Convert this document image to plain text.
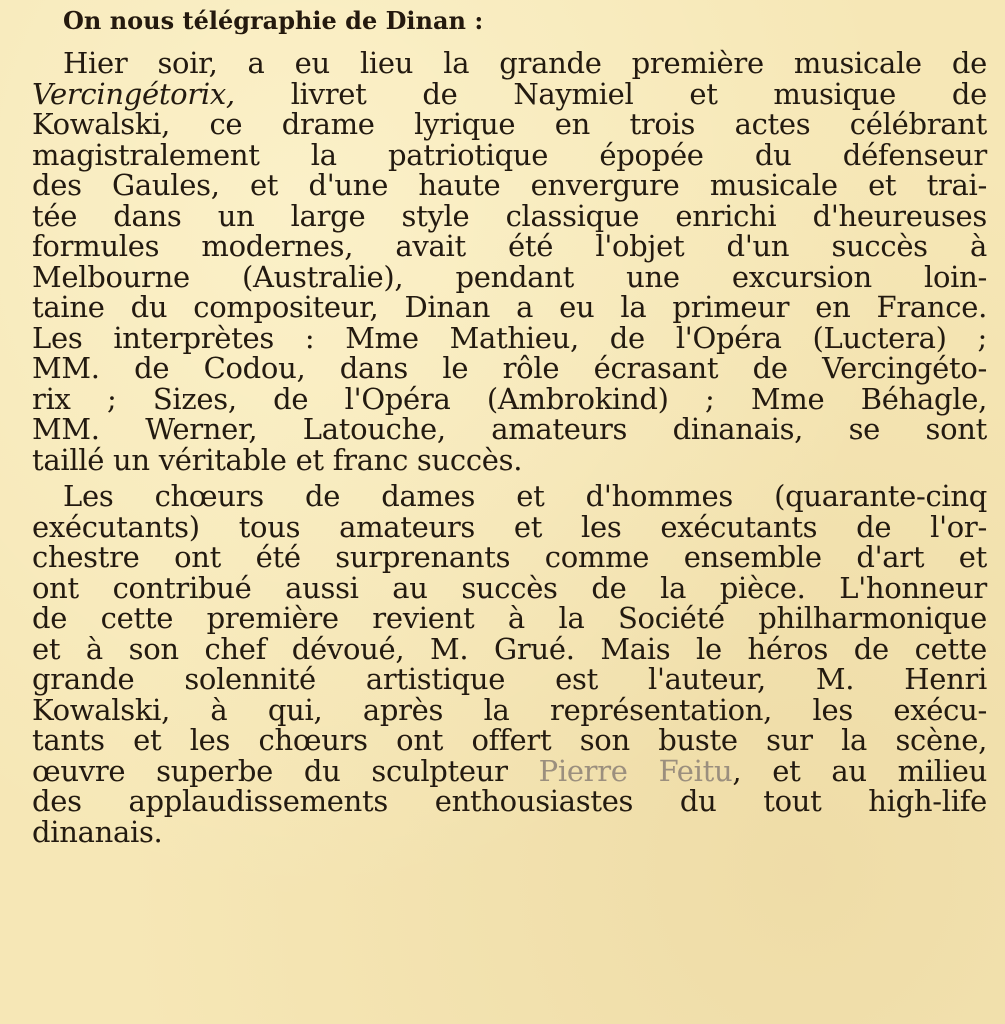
On nous télégraphie de Dinan :
Hier soir, a eu lieu la grande première musicale de
Vercingétorix, livret de Naymiel et musique de
Kowalski, ce drame lyrique en trois actes célébrant
magistralement la patriotique épopée du défenseur
des Gaules, et d'une haute envergure musicale et trai-
tée dans un large style classique enrichi d'heureuses
formules modernes, avait été l'objet d'un succès à
Melbourne (Australie), pendant une excursion loin-
taine du compositeur, Dinan a eu la primeur en France.
Les interprètes : Mme Mathieu, de l'Opéra (Luctera) ;
MM. de Codou, dans le rôle écrasant de Vercingéto-
rix ; Sizes, de l'Opéra (Ambrokind) ; Mme Béhagle,
MM. Werner, Latouche, amateurs dinanais, se sont
taillé un véritable et franc succès.
Les chœurs de dames et d'hommes (quarante-cinq
exécutants) tous amateurs et les exécutants de l'or-
chestre ont été surprenants comme ensemble d'art et
ont contribué aussi au succès de la pièce. L'honneur
de cette première revient à la Société philharmonique
et à son chef dévoué, M. Grué. Mais le héros de cette
grande solennité artistique est l'auteur, M. Henri
Kowalski, à qui, après la représentation, les exécu-
tants et les chœurs ont offert son buste sur la scène,
œuvre superbe du sculpteur Pierre Feitu, et au milieu
des applaudissements enthousiastes du tout high-life
dinanais.
